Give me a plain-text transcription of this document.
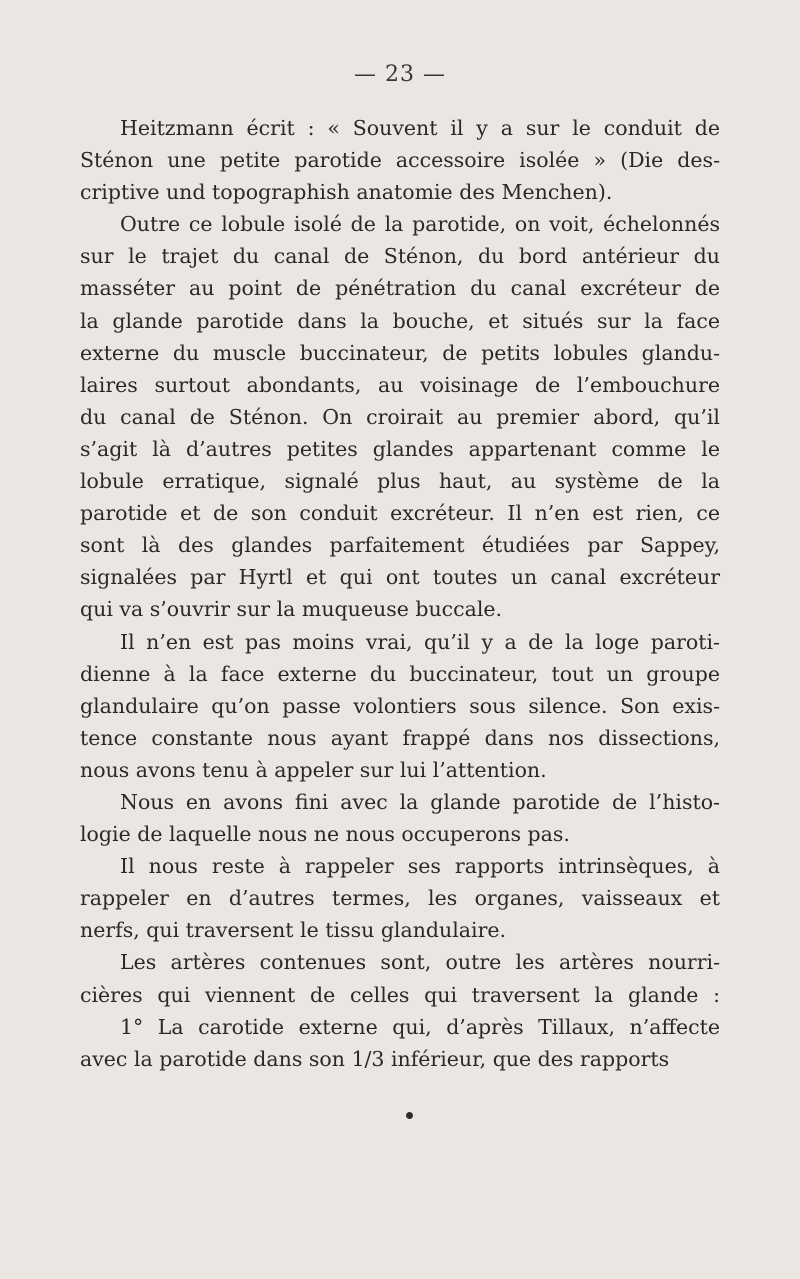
— 23 —
Heitzmann écrit : « Souvent il y a sur le conduit de
Sténon une petite parotide accessoire isolée » (Die des-
criptive und topographish anatomie des Menchen).
Outre ce lobule isolé de la parotide, on voit, échelonnés
sur le trajet du canal de Sténon, du bord antérieur du
masséter au point de pénétration du canal excréteur de
la glande parotide dans la bouche, et situés sur la face
externe du muscle buccinateur, de petits lobules glandu-
laires surtout abondants, au voisinage de l’embouchure
du canal de Sténon. On croirait au premier abord, qu’il
s’agit là d’autres petites glandes appartenant comme le
lobule erratique, signalé plus haut, au système de la
parotide et de son conduit excréteur. Il n’en est rien, ce
sont là des glandes parfaitement étudiées par Sappey,
signalées par Hyrtl et qui ont toutes un canal excréteur
qui va s’ouvrir sur la muqueuse buccale.
Il n’en est pas moins vrai, qu’il y a de la loge paroti-
dienne à la face externe du buccinateur, tout un groupe
glandulaire qu’on passe volontiers sous silence. Son exis-
tence constante nous ayant frappé dans nos dissections,
nous avons tenu à appeler sur lui l’attention.
Nous en avons fini avec la glande parotide de l’histo-
logie de laquelle nous ne nous occuperons pas.
Il nous reste à rappeler ses rapports intrinsèques, à
rappeler en d’autres termes, les organes, vaisseaux et
nerfs, qui traversent le tissu glandulaire.
Les artères contenues sont, outre les artères nourri-
cières qui viennent de celles qui traversent la glande :
1° La carotide externe qui, d’après Tillaux, n’affecte
avec la parotide dans son 1/3 inférieur, que des rapports
